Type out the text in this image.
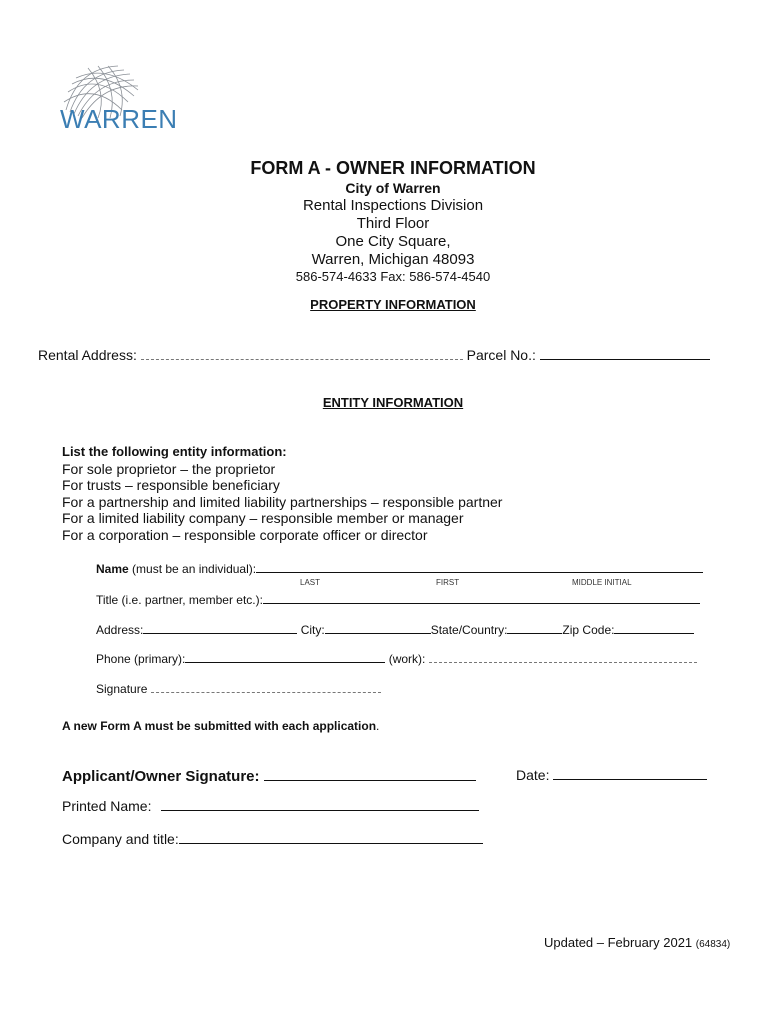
WARREN
FORM A - OWNER INFORMATION
City of Warren
Rental Inspections Division
Third Floor
One City Square,
Warren, Michigan 48093
586-574-4633 Fax: 586-574-4540
PROPERTY INFORMATION
Rental Address:	Parcel No.:
ENTITY INFORMATION
List the following entity information:
For sole proprietor – the proprietor
For trusts – responsible beneficiary
For a partnership and limited liability partnerships – responsible partner
For a limited liability company – responsible member or manager
For a corporation – responsible corporate officer or director
Name (must be an individual):
LAST	FIRST	MIDDLE INITIAL
Title (i.e. partner, member etc.):
Address:	City:	State/Country:	Zip Code:
Phone (primary):	(work):
Signature
A new Form A must be submitted with each application.
Applicant/Owner Signature:	Date:
Printed Name:
Company and title:
Updated – February 2021 (64834)
